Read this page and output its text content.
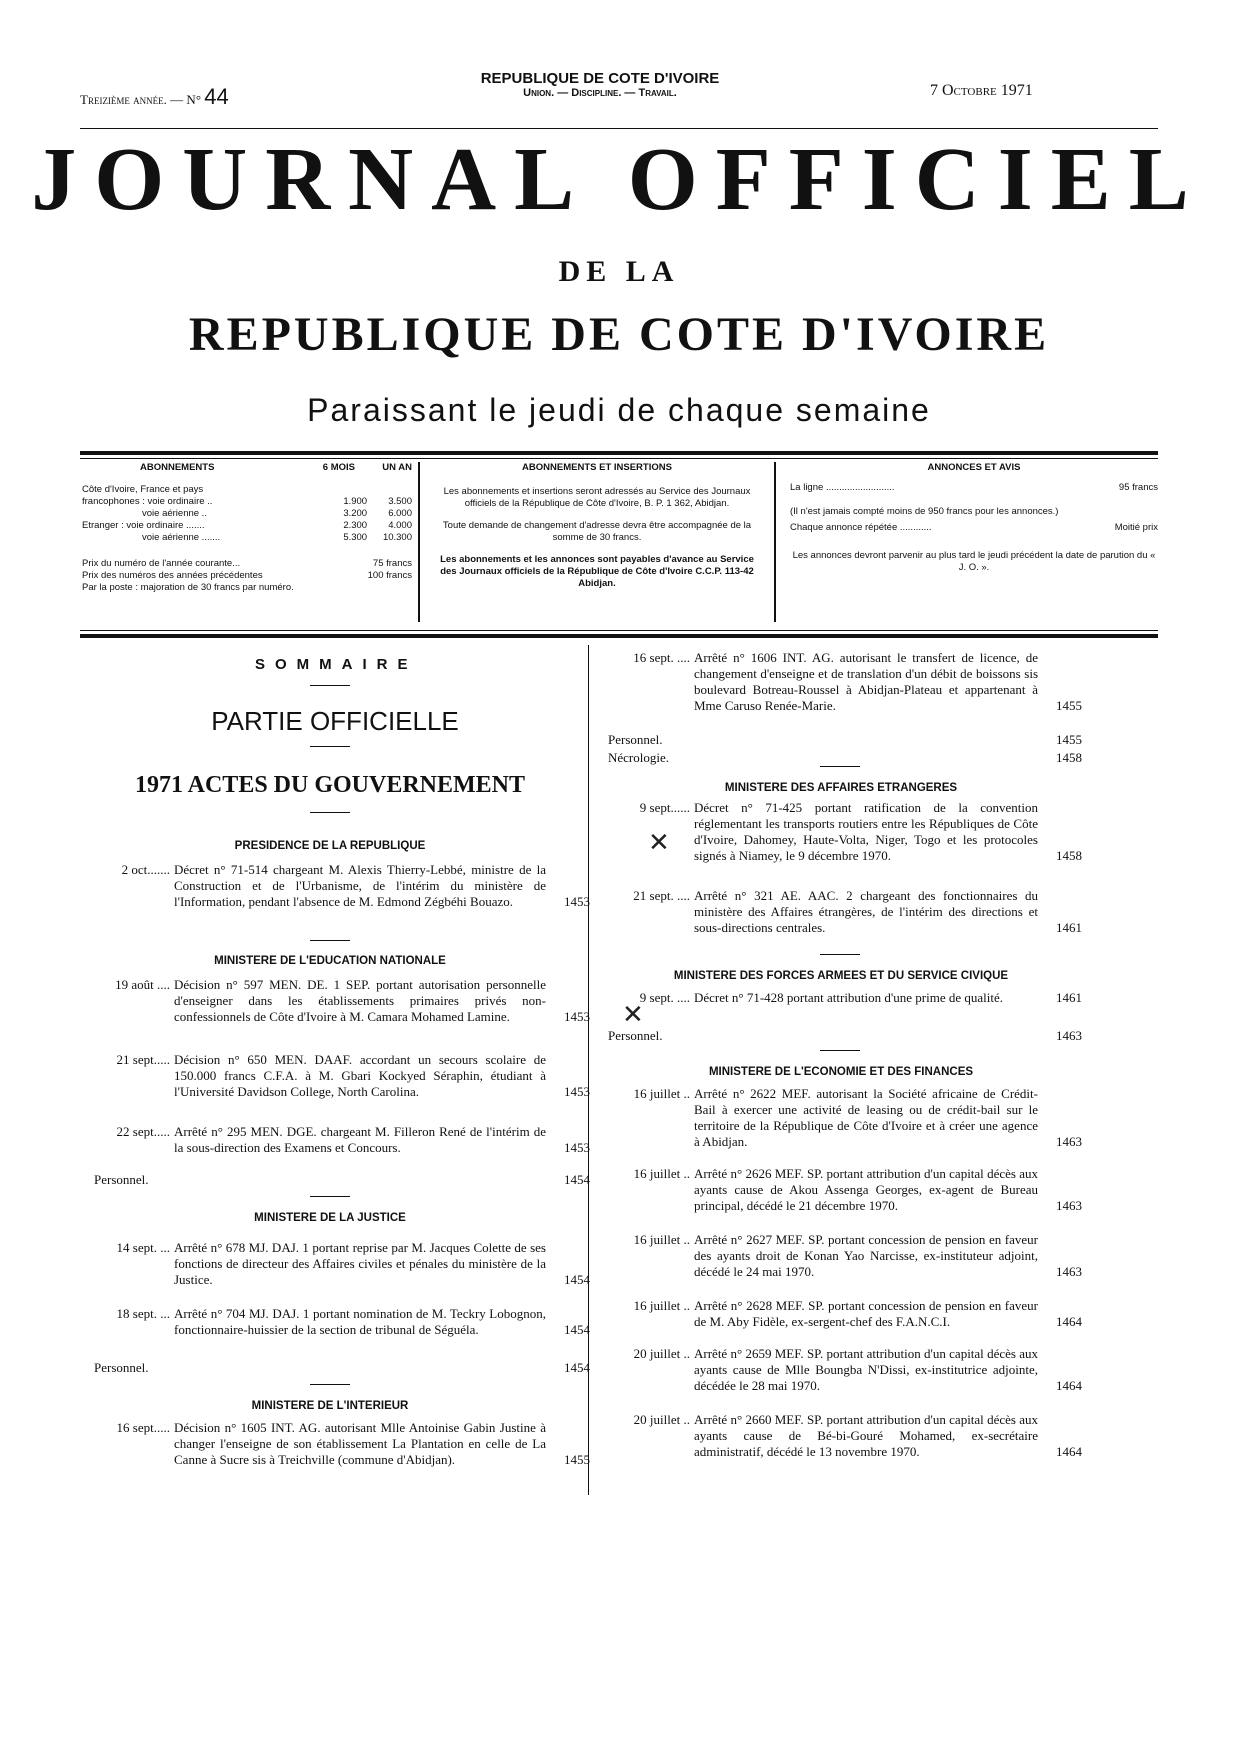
Treizième année. — N° 44
REPUBLIQUE DE COTE D'IVOIRE
Union. — Discipline. — Travail.	7 Octobre 1971
JOURNAL OFFICIEL
DE LA
REPUBLIQUE DE COTE D'IVOIRE
Paraissant le jeudi de chaque semaine
ABONNEMENTS	6 MOIS	UN AN
Côte d'Ivoire, France et pays
francophones : voie ordinaire ..	1.900 3.500
voie aérienne ..	3.200 6.000
Etranger : voie ordinaire .......	2.300 4.000
voie aérienne .......	5.300 10.300
Prix du numéro de l'année courante...	75 francs
Prix des numéros des années précédentes	100 francs
Par la poste : majoration de 30 francs par numéro.
ABONNEMENTS ET INSERTIONS
Les abonnements et insertions seront adressés au Service des Journaux officiels de la République de Côte d'Ivoire, B. P. 1 362, Abidjan.
Toute demande de changement d'adresse devra être accompagnée de la somme de 30 francs.
Les abonnements et les annonces sont payables d'avance au Service des Journaux officiels de la République de Côte d'Ivoire C.C.P. 113-42 Abidjan.
ANNONCES ET AVIS
La ligne ..........................	95 francs
(Il n'est jamais compté moins de 950 francs pour les annonces.)
Chaque annonce répétée ............	Moitié prix
Les annonces devront parvenir au plus tard le jeudi précédent la date de parution du « J. O. ».
SOMMAIRE
PARTIE OFFICIELLE
1971 ACTES DU GOUVERNEMENT
PRESIDENCE DE LA REPUBLIQUE
2 oct....... Décret n° 71-514 chargeant M. Alexis Thierry-Lebbé, ministre de la Construction et de l'Urbanisme, de l'intérim du ministère de l'Information, pendant l'absence de M. Edmond Zégbéhi Bouazo.	1453
MINISTERE DE L'EDUCATION NATIONALE
19 août .... Décision n° 597 MEN. DE. 1 SEP. portant autorisation personnelle d'enseigner dans les établissements primaires privés non-confessionnels de Côte d'Ivoire à M. Camara Mohamed Lamine.	1453
21 sept..... Décision n° 650 MEN. DAAF. accordant un secours scolaire de 150.000 francs C.F.A. à M. Gbari Kockyed Séraphin, étudiant à l'Université Davidson College, North Carolina.	1453
22 sept..... Arrêté n° 295 MEN. DGE. chargeant M. Filleron René de l'intérim de la sous-direction des Examens et Concours.	1453
Personnel.	1454
MINISTERE DE LA JUSTICE
14 sept. ... Arrêté n° 678 MJ. DAJ. 1 portant reprise par M. Jacques Colette de ses fonctions de directeur des Affaires civiles et pénales du ministère de la Justice.	1454
18 sept. ... Arrêté n° 704 MJ. DAJ. 1 portant nomination de M. Teckry Lobognon, fonctionnaire-huissier de la section de tribunal de Séguéla.	1454
Personnel.	1454
MINISTERE DE L'INTERIEUR
16 sept..... Décision n° 1605 INT. AG. autorisant Mlle Antoinise Gabin Justine à changer l'enseigne de son établissement La Plantation en celle de La Canne à Sucre sis à Treichville (commune d'Abidjan).	1455
16 sept. .... Arrêté n° 1606 INT. AG. autorisant le transfert de licence, de changement d'enseigne et de translation d'un débit de boissons sis boulevard Botreau-Roussel à Abidjan-Plateau et appartenant à Mme Caruso Renée-Marie.	1455
Personnel.	1455
Nécrologie.	1458
MINISTERE DES AFFAIRES ETRANGERES
9 sept...... Décret n° 71-425 portant ratification de la convention réglementant les transports routiers entre les Républiques de Côte d'Ivoire, Dahomey, Haute-Volta, Niger, Togo et les protocoles signés à Niamey, le 9 décembre 1970.	1458
21 sept. .... Arrêté n° 321 AE. AAC. 2 chargeant des fonctionnaires du ministère des Affaires étrangères, de l'intérim des directions et sous-directions centrales.	1461
MINISTERE DES FORCES ARMEES ET DU SERVICE CIVIQUE
9 sept. .... Décret n° 71-428 portant attribution d'une prime de qualité.	1461
Personnel.	1463
MINISTERE DE L'ECONOMIE ET DES FINANCES
16 juillet .. Arrêté n° 2622 MEF. autorisant la Société africaine de Crédit-Bail à exercer une activité de leasing ou de crédit-bail sur le territoire de la République de Côte d'Ivoire et à créer une agence à Abidjan.	1463
16 juillet .. Arrêté n° 2626 MEF. SP. portant attribution d'un capital décès aux ayants cause de Akou Assenga Georges, ex-agent de Bureau principal, décédé le 21 décembre 1970.	1463
16 juillet .. Arrêté n° 2627 MEF. SP. portant concession de pension en faveur des ayants droit de Konan Yao Narcisse, ex-instituteur adjoint, décédé le 24 mai 1970.	1463
16 juillet .. Arrêté n° 2628 MEF. SP. portant concession de pension en faveur de M. Aby Fidèle, ex-sergent-chef des F.A.N.C.I.	1464
20 juillet .. Arrêté n° 2659 MEF. SP. portant attribution d'un capital décès aux ayants cause de Mlle Boungba N'Dissi, ex-institutrice adjointe, décédée le 28 mai 1970.	1464
20 juillet .. Arrêté n° 2660 MEF. SP. portant attribution d'un capital décès aux ayants cause de Bé-bi-Gouré Mohamed, ex-secrétaire administratif, décédé le 13 novembre 1970.	1464
✕
✕
